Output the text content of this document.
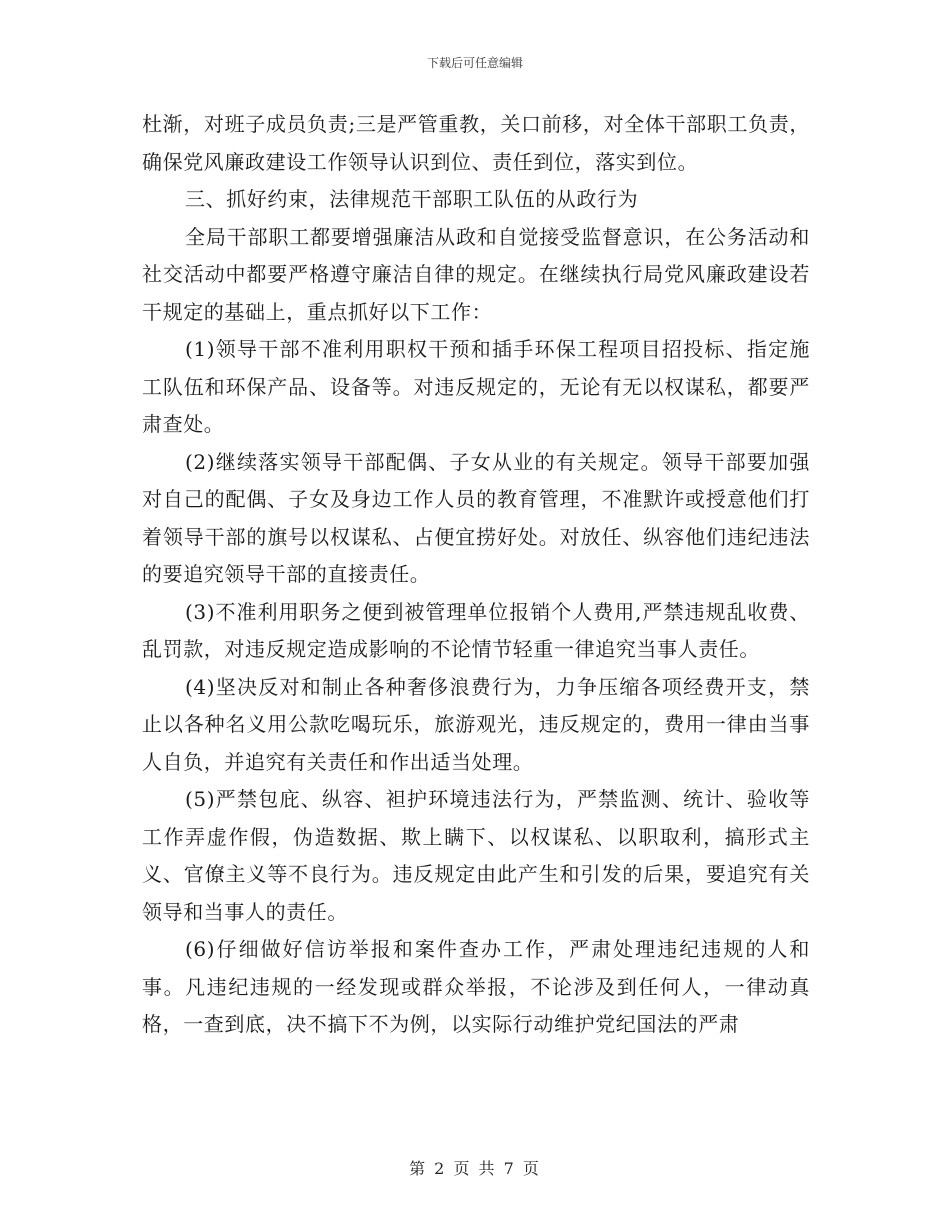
下载后可任意编辑

杜渐，对班子成员负责;三是严管重教，关口前移，对全体干部职工负责，确保党风廉政建设工作领导认识到位、责任到位，落实到位。

三、抓好约束，法律规范干部职工队伍的从政行为

全局干部职工都要增强廉洁从政和自觉接受监督意识，在公务活动和社交活动中都要严格遵守廉洁自律的规定。在继续执行局党风廉政建设若干规定的基础上，重点抓好以下工作：

(1)领导干部不准利用职权干预和插手环保工程项目招投标、指定施工队伍和环保产品、设备等。对违反规定的，无论有无以权谋私，都要严肃查处。

(2)继续落实领导干部配偶、子女从业的有关规定。领导干部要加强对自己的配偶、子女及身边工作人员的教育管理，不准默许或授意他们打着领导干部的旗号以权谋私、占便宜捞好处。对放任、纵容他们违纪违法的要追究领导干部的直接责任。

(3)不准利用职务之便到被管理单位报销个人费用,严禁违规乱收费、乱罚款，对违反规定造成影响的不论情节轻重一律追究当事人责任。

(4)坚决反对和制止各种奢侈浪费行为，力争压缩各项经费开支，禁止以各种名义用公款吃喝玩乐，旅游观光，违反规定的，费用一律由当事人自负，并追究有关责任和作出适当处理。

(5)严禁包庇、纵容、袒护环境违法行为，严禁监测、统计、验收等工作弄虚作假，伪造数据、欺上瞒下、以权谋私、以职取利，搞形式主义、官僚主义等不良行为。违反规定由此产生和引发的后果，要追究有关领导和当事人的责任。

(6)仔细做好信访举报和案件查办工作，严肃处理违纪违规的人和事。凡违纪违规的一经发现或群众举报，不论涉及到任何人，一律动真格，一查到底，决不搞下不为例，以实际行动维护党纪国法的严肃

第 2 页 共 7 页
